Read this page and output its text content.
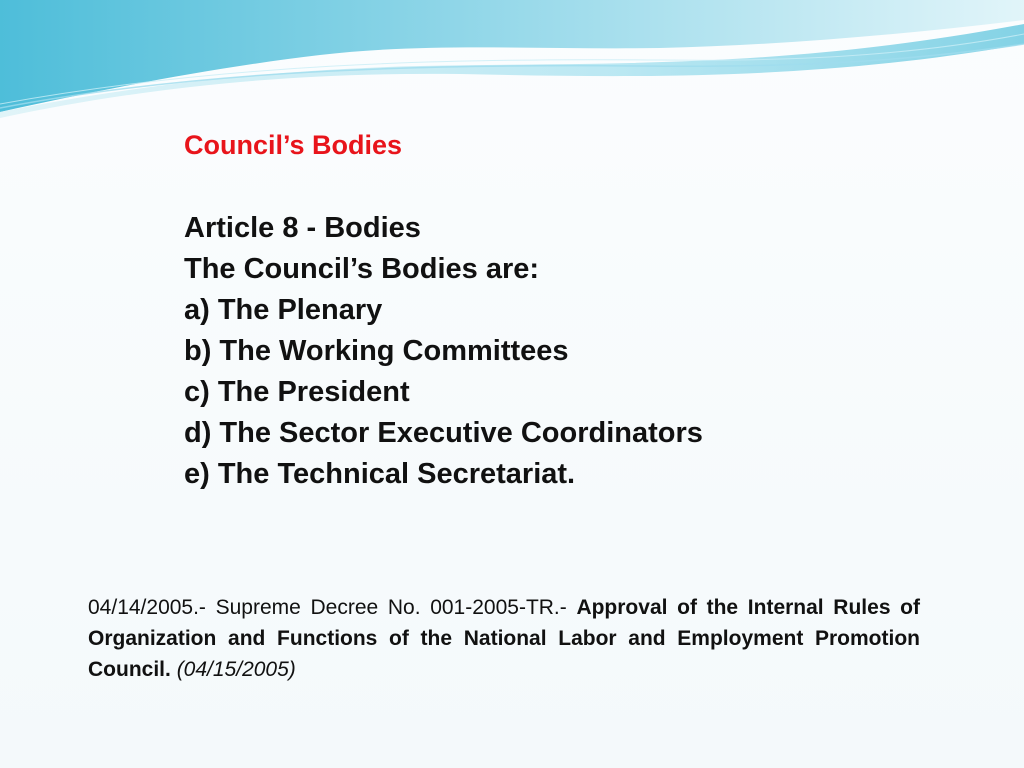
Council’s Bodies
Article 8 - Bodies
The Council’s Bodies are:
a) The Plenary
b) The Working Committees
c) The President
d) The Sector Executive Coordinators
e) The Technical Secretariat.
04/14/2005.- Supreme Decree No. 001-2005-TR.- Approval of the Internal Rules of Organization and Functions of the National Labor and Employment Promotion Council. (04/15/2005)
